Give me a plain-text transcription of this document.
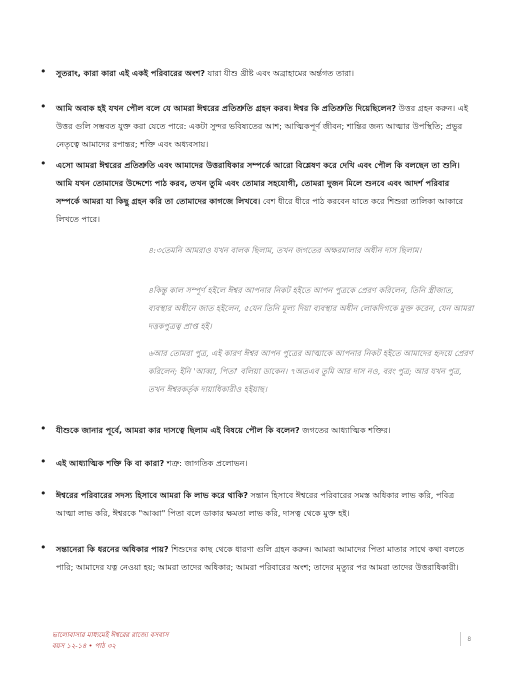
• সুতরাং, কারা কারা এই একই পরিবারের অংশ? যারা যীশু খ্রীষ্ট এবং অব্রাহামের অর্ন্তগত তারা।
• আমি অবাক হই যখন পৌল বলে যে আমরা ঈশ্বরের প্রতিশ্রুতি গ্রহন করব। ঈশ্বর কি প্রতিশ্রুতি দিয়েছিলেন? উত্তর গ্রহন করুন। এই উত্তর গুলি সম্ভবত যুক্ত করা যেতে পারে: একটা সুন্দর ভবিষ্যতের আশ; আত্মিকপূর্ণ জীবন; শান্তির জন্য আত্মার উপস্থিতি; প্রভুর নেতৃত্বে আমাদের রপান্তর; শক্তি এবং অধ্যবসায়।
• এসো আমরা ঈশ্বরের প্রতিশ্রুতি এবং আমাদের উত্তরাধিকার সম্পর্কে আরো বিশ্লেষণ করে দেখি এবং পৌল কি বলছেন তা শুনি। আমি যখন তোমাদের উদ্দেশ্যে পাঠ করব, তখন তুমি এবং তোমার সহযোগী, তোমরা দুজন মিলে শুনবে এবং আদর্শ পরিবার সম্পর্কে আমরা যা কিছু গ্রহন করি তা তোমাদের কাগজে লিখবে। বেশ ধীরে ধীরে পাঠ করবেন যাতে করে শিশুরা তালিকা আকারে লিখতে পারে।
৪:৩তেমনি আমরাও যখন বালক ছিলাম, তখন জগতের অক্ষরমালার অধীন দাস ছিলাম।
৪কিন্তু কাল সম্পূর্ণ হইলে ঈশ্বর আপনার নিকট হইতে আপন পুত্রকে প্রেরণ করিলেন, তিনি স্ত্রীজাত, ব্যবস্থার অধীনে জাত হইলেন, ৫যেন তিনি মূল্য দিয়া ব্যবস্থার অধীন লোকদিগকে মুক্ত করেন, যেন আমরা দত্তকপুত্রত্ব প্রাপ্ত হই।
৬আর তোমরা পুত্র, এই কারণ ঈশ্বর আপন পুত্রের আত্মাকে আপনার নিকট হইতে আমাদের হৃদয়ে প্রেরণ করিলেন; ইনি 'আব্বা, পিতা' বলিয়া ডাকেন। ৭অতএব তুমি আর দাস নও, বরং পুত্র; আর যখন পুত্র, তখন ঈশ্বরকর্তৃক দায়াধিকারীও হইয়াছ।
• যীশুকে জানার পূর্বে, আমরা কার দাসত্বে ছিলাম এই বিষয়ে পৌল কি বলেন? জগতের আধ্যাত্মিক শক্তির।
• এই আধ্যাত্মিক শক্তি কি বা কারা? শত্রু: জাগতিক প্রলোভন।
• ঈশ্বরের পরিবারের সদস্য হিসাবে আমরা কি লাভ করে থাকি? সন্তান হিসাবে ঈশ্বরের পরিবারের সমস্ত অধিকার লাভ করি, পবিত্র আত্মা লাভ করি, ঈশ্বরকে "আব্বা" পিতা বলে ডাকার ক্ষমতা লাভ করি, দাসত্ব থেকে মুক্ত হই।
• সন্তানেরা কি ধরনের অধিকার পায়? শিশুদের কাছ থেকে ধারণা গুলি গ্রহন করুন। আমরা আমাদের পিতা মাতার সাথে কথা বলতে পারি; আমাদের যত্ন নেওয়া হয়; আমরা তাদের অধিকার; আমরা পরিবারের অংশ; তাদের মৃত্যুর পর আমরা তাদের উত্তরাধিকারী।
ভালোবাসার মাধ্যমেই ঈশ্বরের রাজ্যে বসবাস
বয়স ১২-১৪ • পাঠ ৩২
৪
